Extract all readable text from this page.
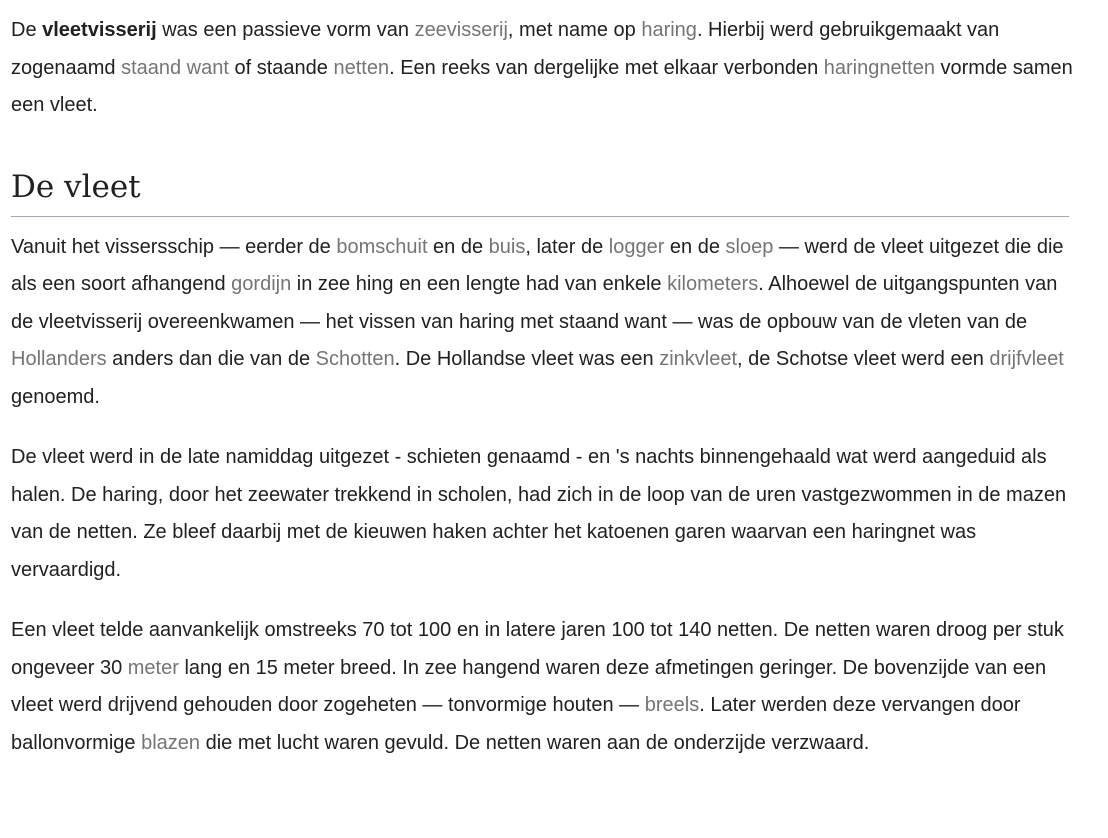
De vleetvisserij was een passieve vorm van zeevisserij, met name op haring. Hierbij werd gebruikgemaakt van zogenaamd staand want of staande netten. Een reeks van dergelijke met elkaar verbonden haringnetten vormde samen een vleet.

De vleet

Vanuit het vissersschip — eerder de bomschuit en de buis, later de logger en de sloep — werd de vleet uitgezet die die als een soort afhangend gordijn in zee hing en een lengte had van enkele kilometers. Alhoewel de uitgangspunten van de vleetvisserij overeenkwamen — het vissen van haring met staand want — was de opbouw van de vleten van de Hollanders anders dan die van de Schotten. De Hollandse vleet was een zinkvleet, de Schotse vleet werd een drijfvleet genoemd.

De vleet werd in de late namiddag uitgezet - schieten genaamd - en 's nachts binnengehaald wat werd aangeduid als halen. De haring, door het zeewater trekkend in scholen, had zich in de loop van de uren vastgezwommen in de mazen van de netten. Ze bleef daarbij met de kieuwen haken achter het katoenen garen waarvan een haringnet was vervaardigd.

Een vleet telde aanvankelijk omstreeks 70 tot 100 en in latere jaren 100 tot 140 netten. De netten waren droog per stuk ongeveer 30 meter lang en 15 meter breed. In zee hangend waren deze afmetingen geringer. De bovenzijde van een vleet werd drijvend gehouden door zogeheten — tonvormige houten — breels. Later werden deze vervangen door ballonvormige blazen die met lucht waren gevuld. De netten waren aan de onderzijde verzwaard.
